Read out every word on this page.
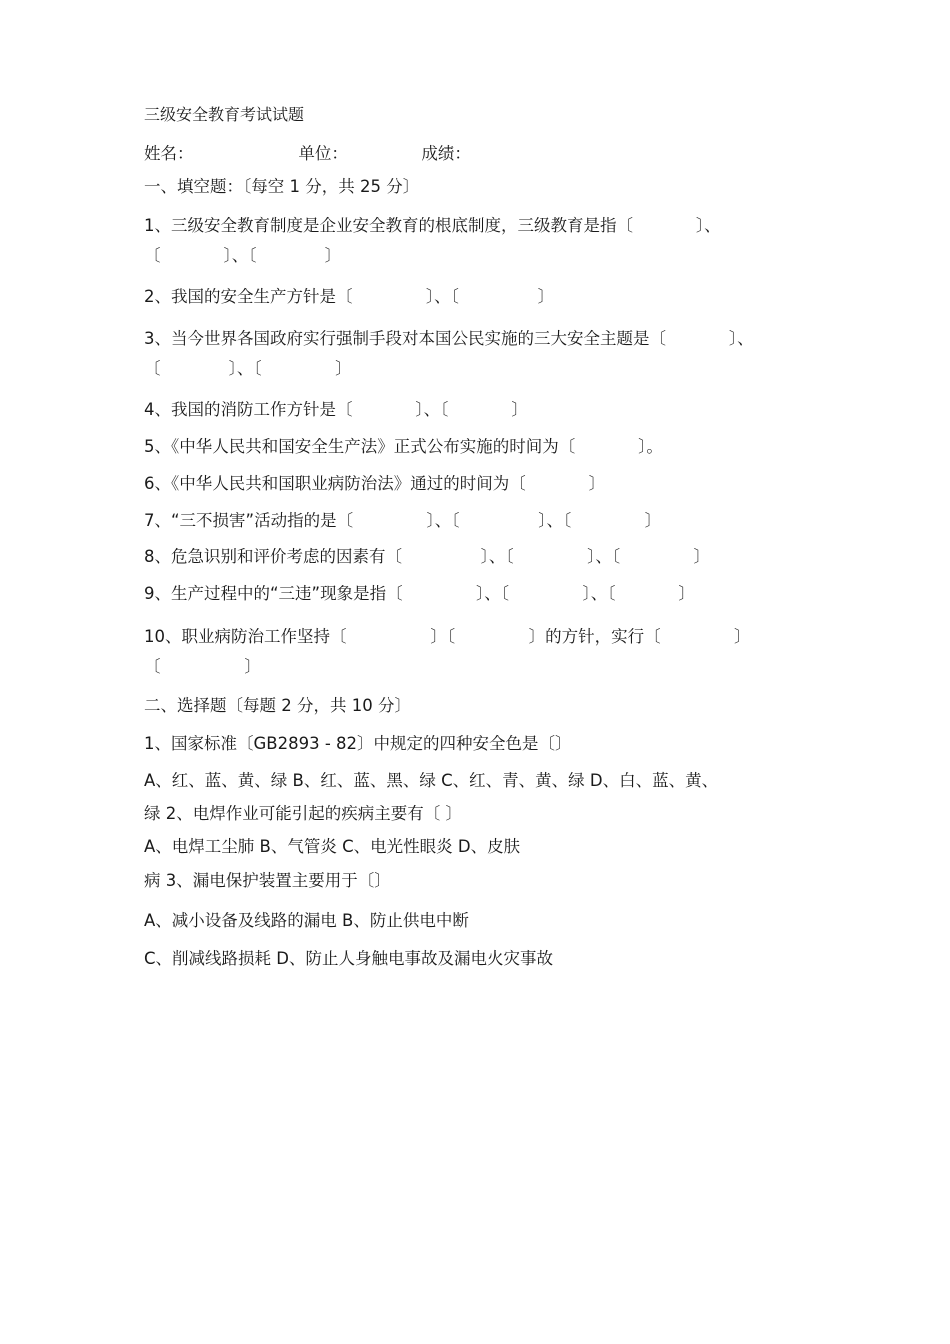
三级安全教育考试试题
姓名：                    单位：              成绩：
一、填空题：〔每空 1 分，共 25 分〕
1、三级安全教育制度是企业安全教育的根底制度，三级教育是指〔            〕、
〔            〕、〔             〕
2、我国的安全生产方针是〔              〕、〔               〕
3、当今世界各国政府实行强制手段对本国公民实施的三大安全主题是〔            〕、
〔             〕、〔              〕
4、我国的消防工作方针是〔            〕、〔            〕
5、《中华人民共和国安全生产法》正式公布实施的时间为〔            〕。
6、《中华人民共和国职业病防治法》通过的时间为〔            〕
7、“三不损害”活动指的是〔              〕、〔               〕、〔              〕
8、危急识别和评价考虑的因素有〔               〕、〔              〕、〔              〕
9、生产过程中的“三违”现象是指〔              〕、〔              〕、〔            〕
10、职业病防治工作坚持〔                〕〔              〕的方针，实行〔              〕
〔                〕
二、选择题〔每题 2 分，共 10 分〕
1、国家标准〔GB2893 - 82〕中规定的四种安全色是〔〕
A、红、蓝、黄、绿 B、红、蓝、黑、绿 C、红、青、黄、绿 D、白、蓝、黄、
绿 2、电焊作业可能引起的疾病主要有〔 〕
A、电焊工尘肺 B、气管炎 C、电光性眼炎 D、皮肤
病 3、漏电保护装置主要用于〔〕
A、减小设备及线路的漏电 B、防止供电中断
C、削减线路损耗 D、防止人身触电事故及漏电火灾事故
